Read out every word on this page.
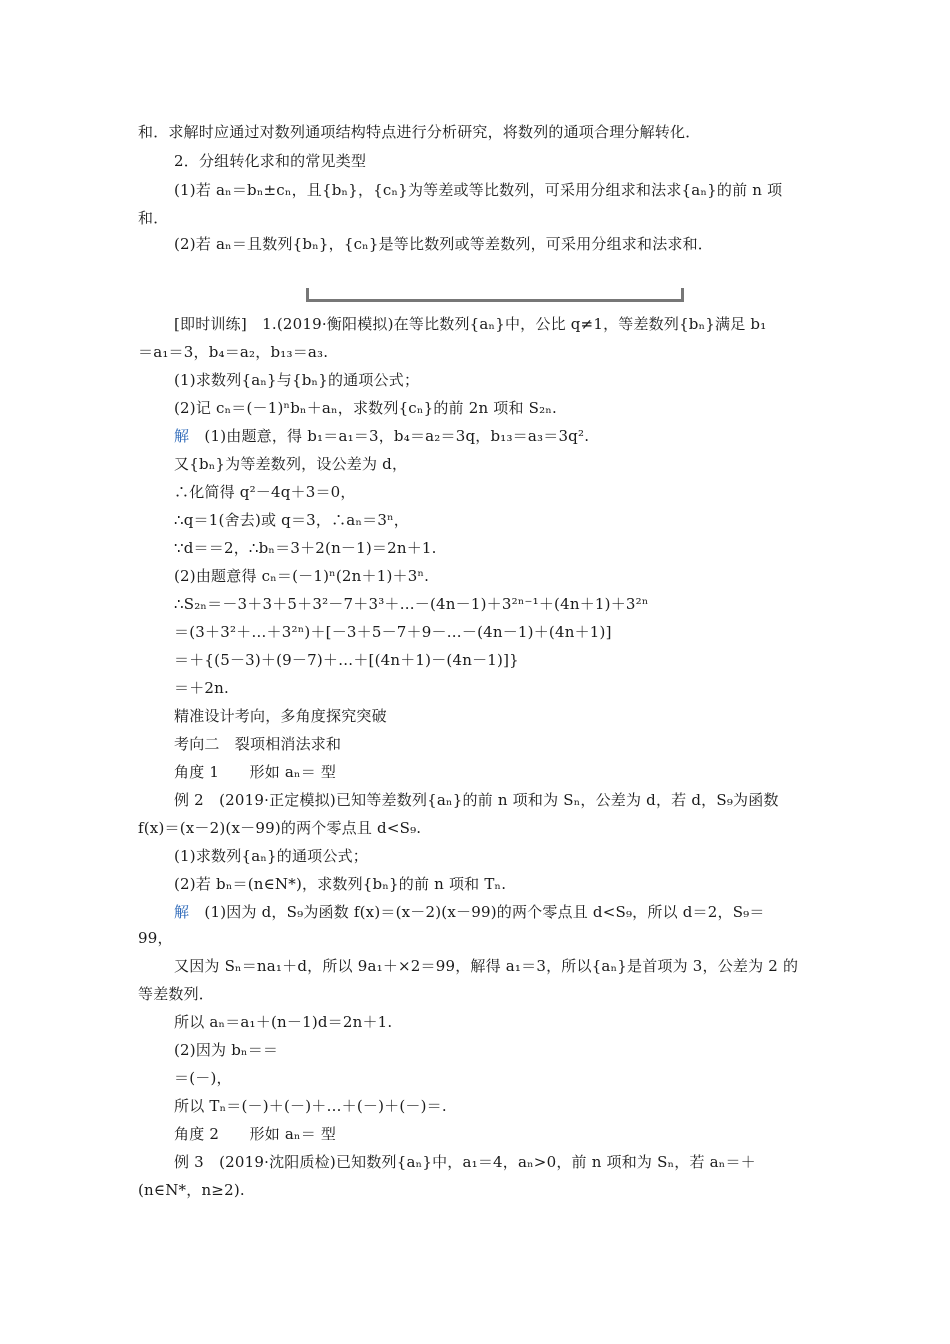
和．求解时应通过对数列通项结构特点进行分析研究，将数列的通项合理分解转化．
2．分组转化求和的常见类型
(1)若 aₙ＝bₙ±cₙ，且{bₙ}，{cₙ}为等差或等比数列，可采用分组求和法求{aₙ}的前 n 项
和．
(2)若 aₙ＝且数列{bₙ}，{cₙ}是等比数列或等差数列，可采用分组求和法求和．
[即时训练]　1.(2019·衡阳模拟)在等比数列{aₙ}中，公比 q≠1，等差数列{bₙ}满足 b₁
＝a₁＝3，b₄＝a₂，b₁₃＝a₃.
(1)求数列{aₙ}与{bₙ}的通项公式；
(2)记 cₙ＝(－1)ⁿbₙ＋aₙ，求数列{cₙ}的前 2n 项和 S₂ₙ.
解　 (1)由题意，得 b₁＝a₁＝3，b₄＝a₂＝3q，b₁₃＝a₃＝3q².
又{bₙ}为等差数列，设公差为 d，
∴化简得 q²－4q＋3＝0，
∴q＝1(舍去)或 q＝3，∴aₙ＝3ⁿ，
∵d＝＝2，∴bₙ＝3＋2(n－1)＝2n＋1.
(2)由题意得 cₙ＝(－1)ⁿ(2n＋1)＋3ⁿ.
∴S₂ₙ＝－3＋3＋5＋3²－7＋3³＋…－(4n－1)＋3²ⁿ⁻¹＋(4n＋1)＋3²ⁿ
＝(3＋3²＋…＋3²ⁿ)＋[－3＋5－7＋9－…－(4n－1)＋(4n＋1)]
＝＋{(5－3)＋(9－7)＋…＋[(4n＋1)－(4n－1)]}
＝＋2n.
精准设计考向，多角度探究突破
考向二　裂项相消法求和
角度 1　　形如 aₙ＝ 型
例 2　(2019·正定模拟)已知等差数列{aₙ}的前 n 项和为 Sₙ，公差为 d，若 d，S₉为函数
f(x)＝(x－2)(x－99)的两个零点且 d<S₉.
(1)求数列{aₙ}的通项公式；
(2)若 bₙ＝(n∈N*)，求数列{bₙ}的前 n 项和 Tₙ.
解　 (1)因为 d，S₉为函数 f(x)＝(x－2)(x－99)的两个零点且 d<S₉，所以 d＝2，S₉＝
99，
又因为 Sₙ＝na₁＋d，所以 9a₁＋×2＝99，解得 a₁＝3，所以{aₙ}是首项为 3，公差为 2 的
等差数列．
所以 aₙ＝a₁＋(n－1)d＝2n＋1.
(2)因为 bₙ＝＝
＝(－)，
所以 Tₙ＝(－)＋(－)＋…＋(－)＋(－)＝.
角度 2　　形如 aₙ＝ 型
例 3　(2019·沈阳质检)已知数列{aₙ}中，a₁＝4，aₙ>0，前 n 项和为 Sₙ，若 aₙ＝＋
(n∈N*，n≥2).
